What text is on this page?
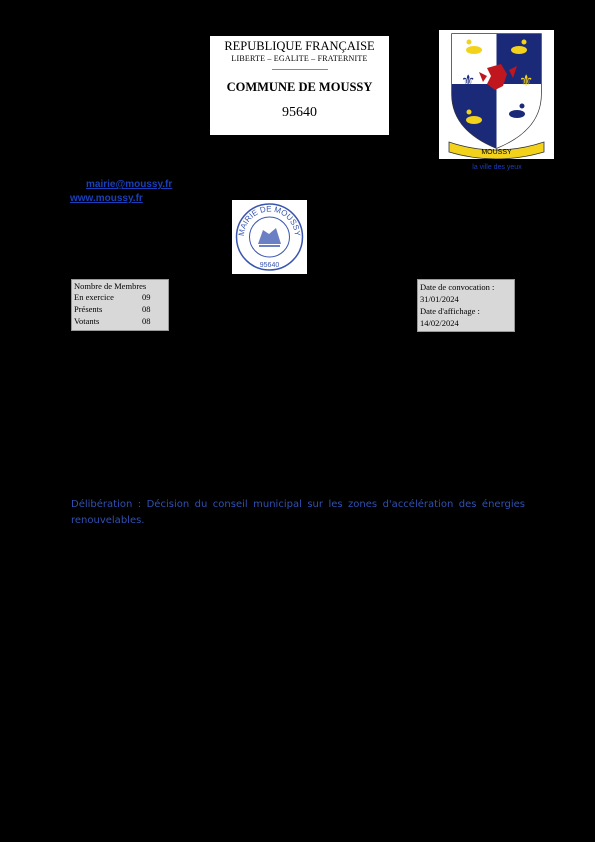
REPUBLIQUE FRANÇAISE
LIBERTE – EGALITE – FRATERNITE
COMMUNE DE MOUSSY
95640
⚜	⚜
MOUSSY
la ville des yeux
mairie@moussy.fr
www.moussy.fr
MAIRIE DE MOUSSY
95640
Nombre de Membres
En exercice	09
Présents	08
Votants	08
Date de convocation :
31/01/2024
Date d'affichage :
14/02/2024
Délibération : Décision du conseil municipal sur les zones d'accélération des énergies renouvelables.
